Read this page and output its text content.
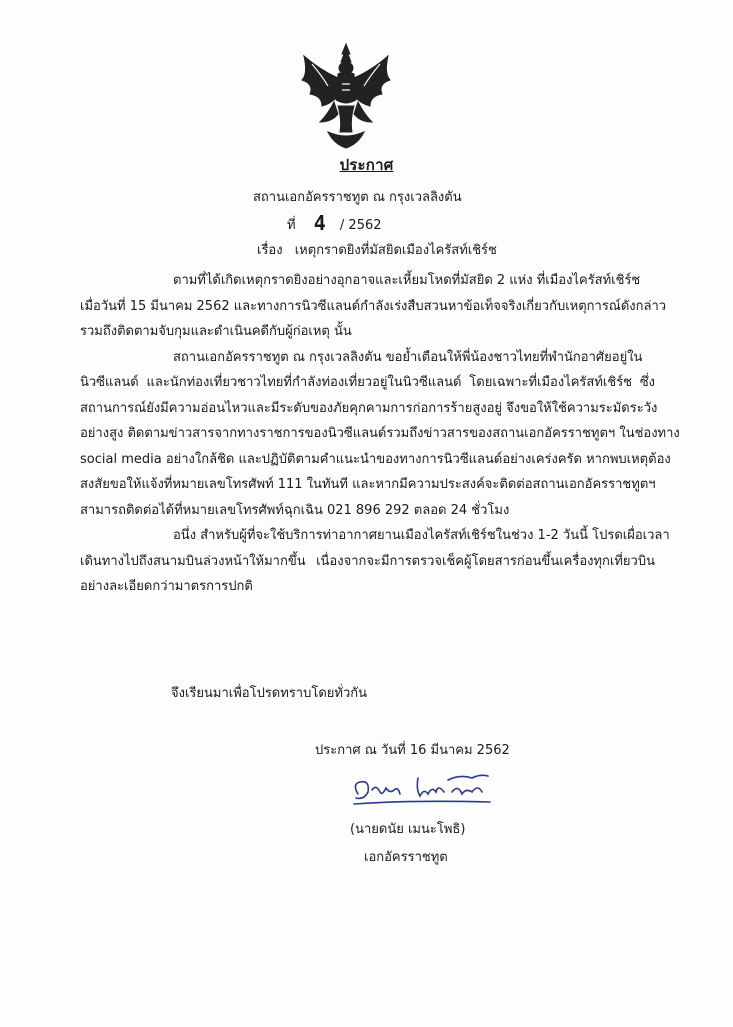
ประกาศ
สถานเอกอัครราชทูต ณ กรุงเวลลิงตัน
ที่ 4 / 2562
เรื่อง เหตุกราดยิงที่มัสยิดเมืองไครัสท์เชิร์ช
ตามที่ได้เกิดเหตุกราดยิงอย่างอุกอาจและเหี้ยมโหดที่มัสยิด 2 แห่ง ที่เมืองไครัสท์เชิร์ช
เมื่อวันที่ 15 มีนาคม 2562 และทางการนิวซีแลนด์กำลังเร่งสืบสวนหาข้อเท็จจริงเกี่ยวกับเหตุการณ์ดังกล่าว
รวมถึงติดตามจับกุมและดำเนินคดีกับผู้ก่อเหตุ นั้น
สถานเอกอัครราชทูต ณ กรุงเวลลิงตัน ขอย้ำเตือนให้พี่น้องชาวไทยที่พำนักอาศัยอยู่ใน
นิวซีแลนด์ และนักท่องเที่ยวชาวไทยที่กำลังท่องเที่ยวอยู่ในนิวซีแลนด์ โดยเฉพาะที่เมืองไครัสท์เชิร์ช ซึ่ง
สถานการณ์ยังมีความอ่อนไหวและมีระดับของภัยคุกคามการก่อการร้ายสูงอยู่ จึงขอให้ใช้ความระมัดระวัง
อย่างสูง ติดตามข่าวสารจากทางราชการของนิวซีแลนด์รวมถึงข่าวสารของสถานเอกอัครราชทูตฯ ในช่องทาง
social media อย่างใกล้ชิด และปฏิบัติตามคำแนะนำของทางการนิวซีแลนด์อย่างเคร่งครัด หากพบเหตุต้อง
สงสัยขอให้แจ้งที่หมายเลขโทรศัพท์ 111 ในทันที และหากมีความประสงค์จะติดต่อสถานเอกอัครราชทูตฯ
สามารถติดต่อได้ที่หมายเลขโทรศัพท์ฉุกเฉิน 021 896 292 ตลอด 24 ชั่วโมง
อนึ่ง สำหรับผู้ที่จะใช้บริการท่าอากาศยานเมืองไครัสท์เชิร์ชในช่วง 1-2 วันนี้ โปรดเผื่อเวลา
เดินทางไปถึงสนามบินล่วงหน้าให้มากขึ้น เนื่องจากจะมีการตรวจเช็คผู้โดยสารก่อนขึ้นเครื่องทุกเที่ยวบิน
อย่างละเอียดกว่ามาตรการปกติ
จึงเรียนมาเพื่อโปรดทราบโดยทั่วกัน
ประกาศ ณ วันที่ 16 มีนาคม 2562
(นายดนัย เมนะโพธิ)
เอกอัครราชทูต
